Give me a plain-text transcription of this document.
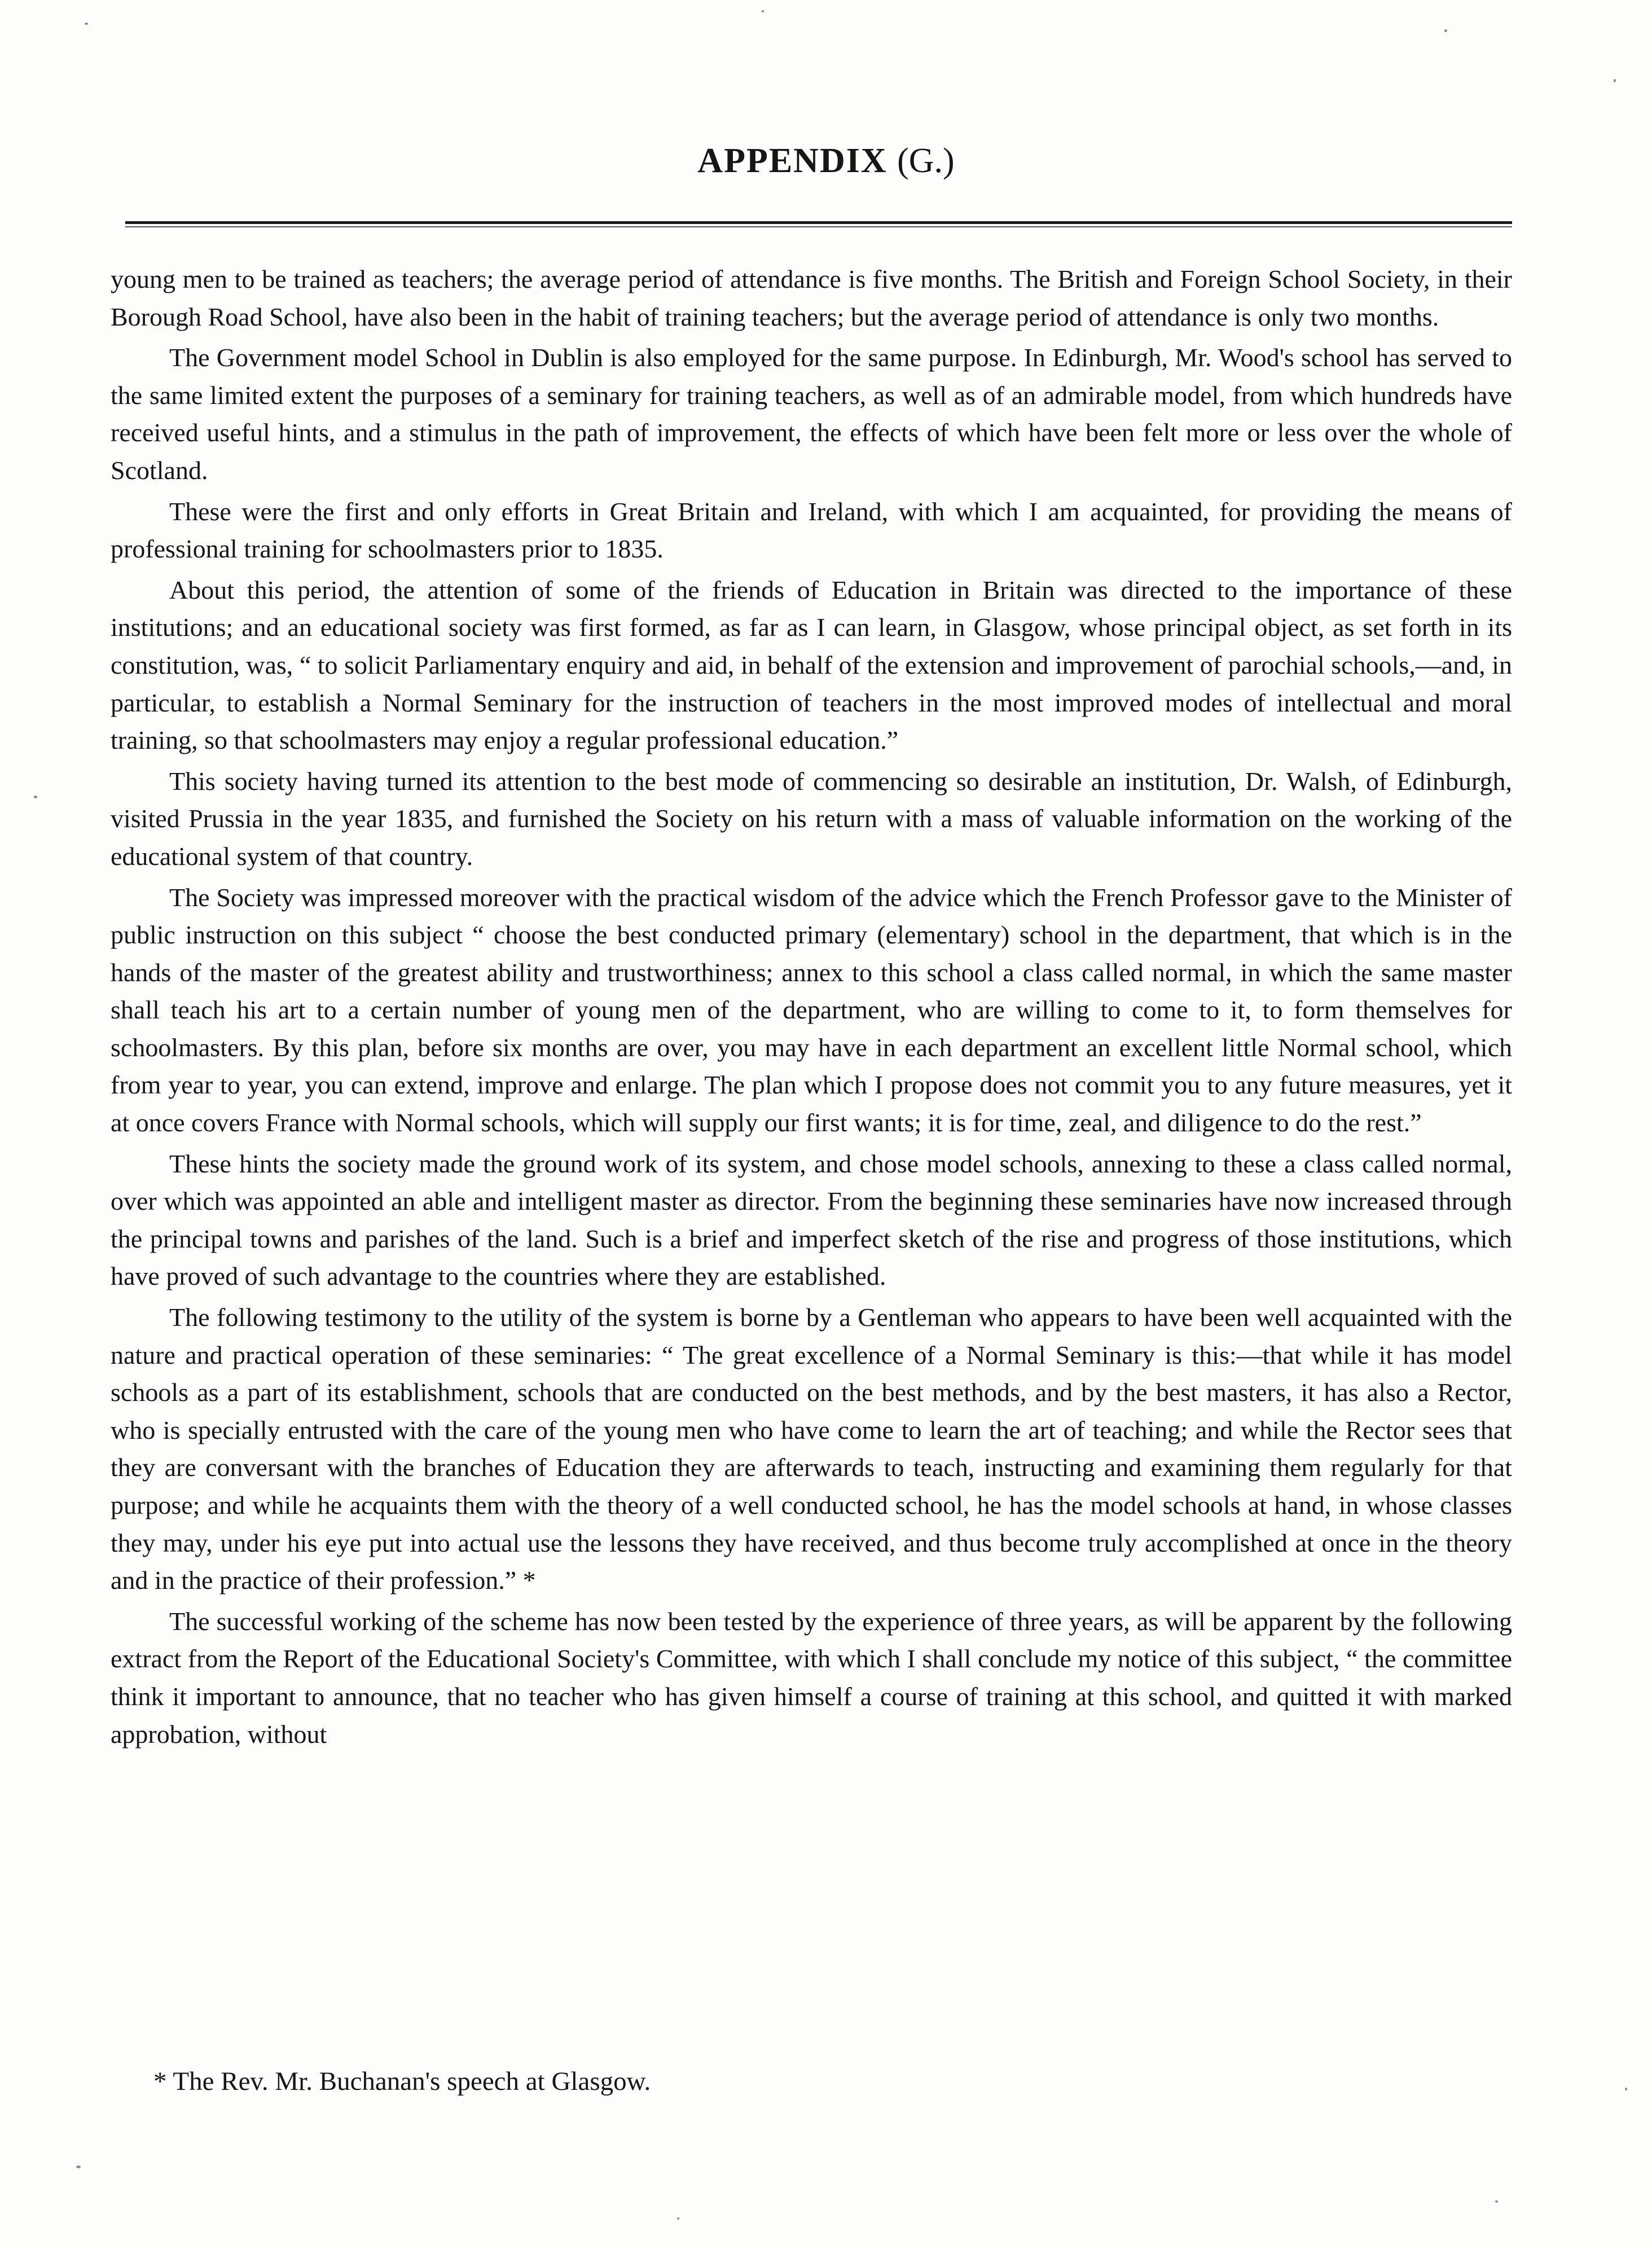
APPENDIX (G.)

young men to be trained as teachers; the average period of attendance is five months. The British and Foreign School Society, in their Borough Road School, have also been in the habit of training teachers; but the average period of attendance is only two months.

The Government model School in Dublin is also employed for the same purpose. In Edinburgh, Mr. Wood's school has served to the same limited extent the purposes of a seminary for training teachers, as well as of an admirable model, from which hundreds have received useful hints, and a stimulus in the path of improvement, the effects of which have been felt more or less over the whole of Scotland.

These were the first and only efforts in Great Britain and Ireland, with which I am acquainted, for providing the means of professional training for schoolmasters prior to 1835.

About this period, the attention of some of the friends of Education in Britain was directed to the importance of these institutions; and an educational society was first formed, as far as I can learn, in Glasgow, whose principal object, as set forth in its constitution, was, “ to solicit Parliamentary enquiry and aid, in behalf of the extension and improvement of parochial schools,—and, in particular, to establish a Normal Seminary for the instruction of teachers in the most improved modes of intellectual and moral training, so that schoolmasters may enjoy a regular professional education.”

This society having turned its attention to the best mode of commencing so desirable an institution, Dr. Walsh, of Edinburgh, visited Prussia in the year 1835, and furnished the Society on his return with a mass of valuable information on the working of the educational system of that country.

The Society was impressed moreover with the practical wisdom of the advice which the French Professor gave to the Minister of public instruction on this subject “ choose the best conducted primary (elementary) school in the department, that which is in the hands of the master of the greatest ability and trustworthiness; annex to this school a class called normal, in which the same master shall teach his art to a certain number of young men of the department, who are willing to come to it, to form themselves for schoolmasters. By this plan, before six months are over, you may have in each department an excellent little Normal school, which from year to year, you can extend, improve and enlarge. The plan which I propose does not commit you to any future measures, yet it at once covers France with Normal schools, which will supply our first wants; it is for time, zeal, and diligence to do the rest.”

These hints the society made the ground work of its system, and chose model schools, annexing to these a class called normal, over which was appointed an able and intelligent master as director. From the beginning these seminaries have now increased through the principal towns and parishes of the land. Such is a brief and imperfect sketch of the rise and progress of those institutions, which have proved of such advantage to the countries where they are established.

The following testimony to the utility of the system is borne by a Gentleman who appears to have been well acquainted with the nature and practical operation of these seminaries: “ The great excellence of a Normal Seminary is this:—that while it has model schools as a part of its establishment, schools that are conducted on the best methods, and by the best masters, it has also a Rector, who is specially entrusted with the care of the young men who have come to learn the art of teaching; and while the Rector sees that they are conversant with the branches of Education they are afterwards to teach, instructing and examining them regularly for that purpose; and while he acquaints them with the theory of a well conducted school, he has the model schools at hand, in whose classes they may, under his eye put into actual use the lessons they have received, and thus become truly accomplished at once in the theory and in the practice of their profession.” *

The successful working of the scheme has now been tested by the experience of three years, as will be apparent by the following extract from the Report of the Educational Society's Committee, with which I shall conclude my notice of this subject, “ the committee think it important to announce, that no teacher who has given himself a course of training at this school, and quitted it with marked approbation, without

* The Rev. Mr. Buchanan's speech at Glasgow.
